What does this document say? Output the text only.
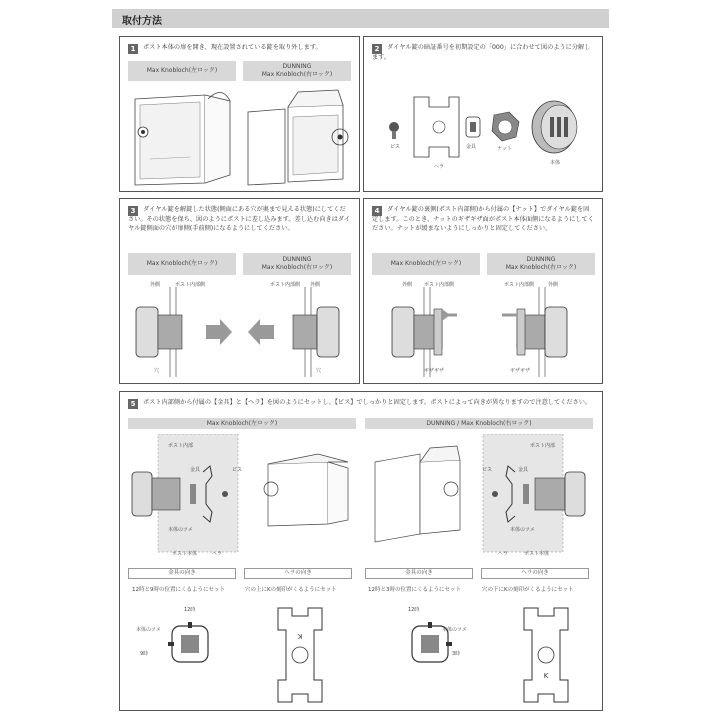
取付方法
1 ポスト本体の扉を開き、現在設置されている錠を取り外します。
Max Knobloch(左ロック)
DUNNING
Max Knobloch(右ロック)
2 ダイヤル錠の暗証番号を初期設定の「000」に合わせて図のように分解します。
ビス
ヘラ
金具	ナット
本体
3 ダイヤル錠を解錠した状態(側面にある穴が奥まで見える状態)にしてください。その状態を保ち、図のようにポストに差し込みます。差し込む向きはダイヤル錠側面の穴が扉側(手前側)になるようにしてください。
Max Knobloch(左ロック)
DUNNING
Max Knobloch(右ロック)
外側	ポスト内部側	ポスト内部側 外側
穴	穴
4 ダイヤル錠の裏側(ポスト内部側)から付属の【ナット】でダイヤル錠を固定します。このとき、ナットのギザギザ面がポスト本体面側になるようにしてください。ナットが緩まないようにしっかりと固定してください。
Max Knobloch(左ロック)
DUNNING
Max Knobloch(右ロック)
外側 ポスト内部側	ポスト内部側	外側
ギザギザ	ギザギザ
5 ポスト内部側から付属の【金具】と【ヘラ】を図のようにセットし、【ビス】でしっかりと固定します。ポストによって向きが異なりますので注意してください。
Max Knobloch(左ロック)	DUNNING / Max Knobloch(右ロック)
ポスト内部
金具	ビス
本体のツメ
ポスト本体	ヘラ
ポスト内部
ビス	金具
本体のツメ
ヘラ	ポスト本体
金具の向き	ヘラの向き	金具の向き	ヘラの向き
12時と9時の位置にくるようにセット	穴の上にKの刻印がくるようにセット	12時と3時の位置にくるようにセット	穴の下にKの刻印がくるようにセット
12時
本体のツメ
9時
K
12時
本体のツメ
3時
K
